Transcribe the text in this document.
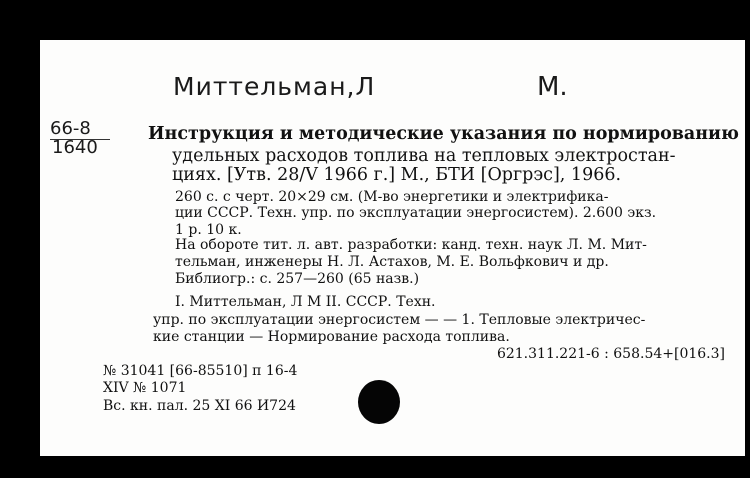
Миттельман,Л	М.
66-8
1640
Инструкция и методические указания по нормированию
удельных расходов топлива на тепловых электростан-
циях. [Утв. 28/V 1966 г.] М., БТИ [Оргрэс], 1966.
260 с. с черт. 20×29 см. (М-во энергетики и электрифика-
ции СССР. Техн. упр. по эксплуатации энергосистем). 2.600 экз.
1 р. 10 к.
На обороте тит. л. авт. разработки: канд. техн. наук Л. М. Мит-
тельман, инженеры Н. Л. Астахов, М. Е. Вольфкович и др.
Библиогр.: с. 257—260 (65 назв.)
I. Миттельман, Л М II. СССР. Техн.
упр. по эксплуатации энергосистем — — 1. Тепловые электричес-
кие станции — Нормирование расхода топлива.
621.311.221-6 : 658.54+[016.3]
№ 31041 [66-85510] п 16-4
XIV № 1071
Вс. кн. пал. 25 XI 66 И724
